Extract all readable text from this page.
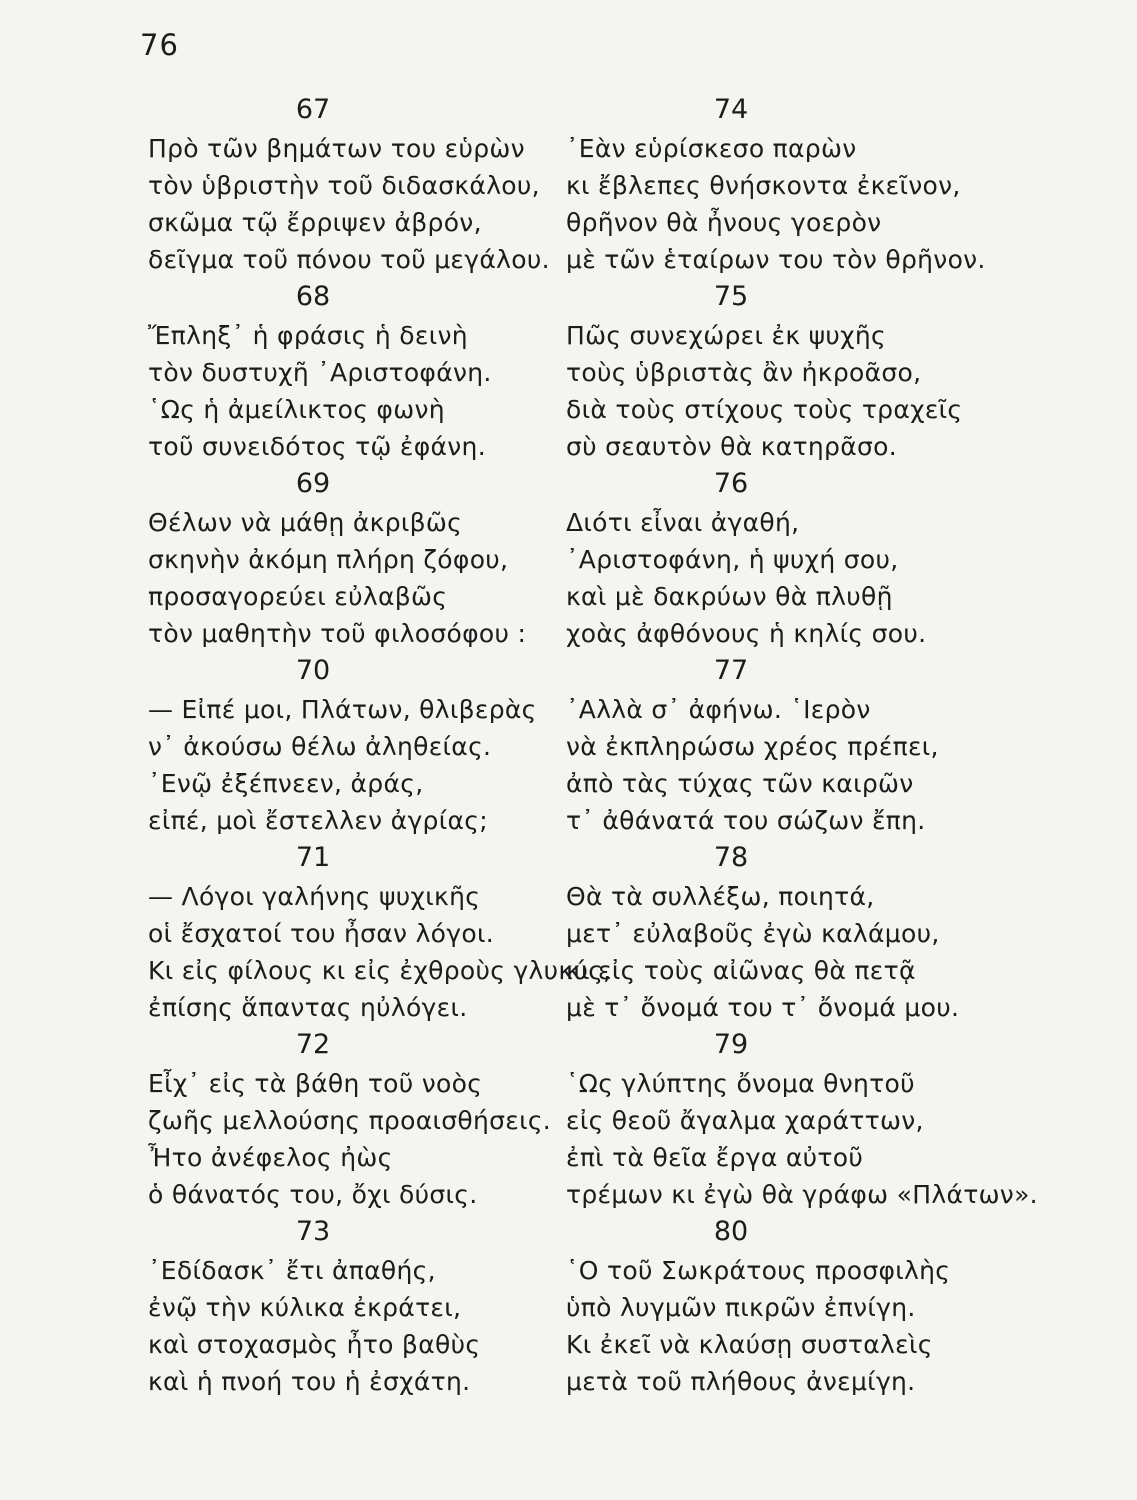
76
67
Πρὸ τῶν βημάτων του εὑρὼν
τὸν ὑβριστὴν τοῦ διδασκάλου,
σκῶμα τῷ ἔρριψεν ἀβρόν,
δεῖγμα τοῦ πόνου τοῦ μεγάλου.
68
Ἔπληξ᾽ ἡ φράσις ἡ δεινὴ
τὸν δυστυχῆ ᾽Αριστοφάνη.
῾Ως ἡ ἀμείλικτος φωνὴ
τοῦ συνειδότος τῷ ἐφάνη.
69
Θέλων νὰ μάθῃ ἀκριβῶς
σκηνὴν ἀκόμη πλήρη ζόφου,
προσαγορεύει εὐλαβῶς
τὸν μαθητὴν τοῦ φιλοσόφου :
70
— Εἰπέ μοι, Πλάτων, θλιβερὰς
ν᾽ ἀκούσω θέλω ἀληθείας.
᾽Ενῷ ἐξέπνεεν, ἀράς,
εἰπέ, μοὶ ἔστελλεν ἀγρίας;
71
— Λόγοι γαλήνης ψυχικῆς
οἱ ἔσχατοί του ἦσαν λόγοι.
Κι εἰς φίλους κι εἰς ἐχθροὺς γλυκύς,
ἐπίσης ἅπαντας ηὐλόγει.
72
Εἶχ᾽ εἰς τὰ βάθη τοῦ νοὸς
ζωῆς μελλούσης προαισθήσεις.
Ἦτο ἀνέφελος ἠὼς
ὁ θάνατός του, ὄχι δύσις.
73
᾽Εδίδασκ᾽ ἔτι ἀπαθής,
ἐνῷ τὴν κύλικα ἐκράτει,
καὶ στοχασμὸς ἦτο βαθὺς
καὶ ἡ πνοή του ἡ ἐσχάτη.
74
᾽Εὰν εὑρίσκεσο παρὼν
κι ἔβλεπες θνήσκοντα ἐκεῖνον,
θρῆνον θὰ ἦνους γοερὸν
μὲ τῶν ἑταίρων του τὸν θρῆνον.
75
Πῶς συνεχώρει ἐκ ψυχῆς
τοὺς ὑβριστὰς ἂν ἠκροᾶσο,
διὰ τοὺς στίχους τοὺς τραχεῖς
σὺ σεαυτὸν θὰ κατηρᾶσο.
76
Διότι εἶναι ἀγαθή,
᾽Αριστοφάνη, ἡ ψυχή σου,
καὶ μὲ δακρύων θὰ πλυθῇ
χοὰς ἀφθόνους ἡ κηλίς σου.
77
᾽Αλλὰ σ᾽ ἀφήνω. ῾Ιερὸν
νὰ ἐκπληρώσω χρέος πρέπει,
ἀπὸ τὰς τύχας τῶν καιρῶν
τ᾽ ἀθάνατά του σώζων ἔπη.
78
Θὰ τὰ συλλέξω, ποιητά,
μετ᾽ εὐλαβοῦς ἐγὼ καλάμου,
κι εἰς τοὺς αἰῶνας θὰ πετᾷ
μὲ τ᾽ ὄνομά του τ᾽ ὄνομά μου.
79
῾Ως γλύπτης ὄνομα θνητοῦ
εἰς θεοῦ ἄγαλμα χαράττων,
ἐπὶ τὰ θεῖα ἔργα αὐτοῦ
τρέμων κι ἐγὼ θὰ γράφω «Πλάτων».
80
῾Ο τοῦ Σωκράτους προσφιλὴς
ὑπὸ λυγμῶν πικρῶν ἐπνίγη.
Κι ἐκεῖ νὰ κλαύσῃ συσταλεὶς
μετὰ τοῦ πλήθους ἀνεμίγη.
